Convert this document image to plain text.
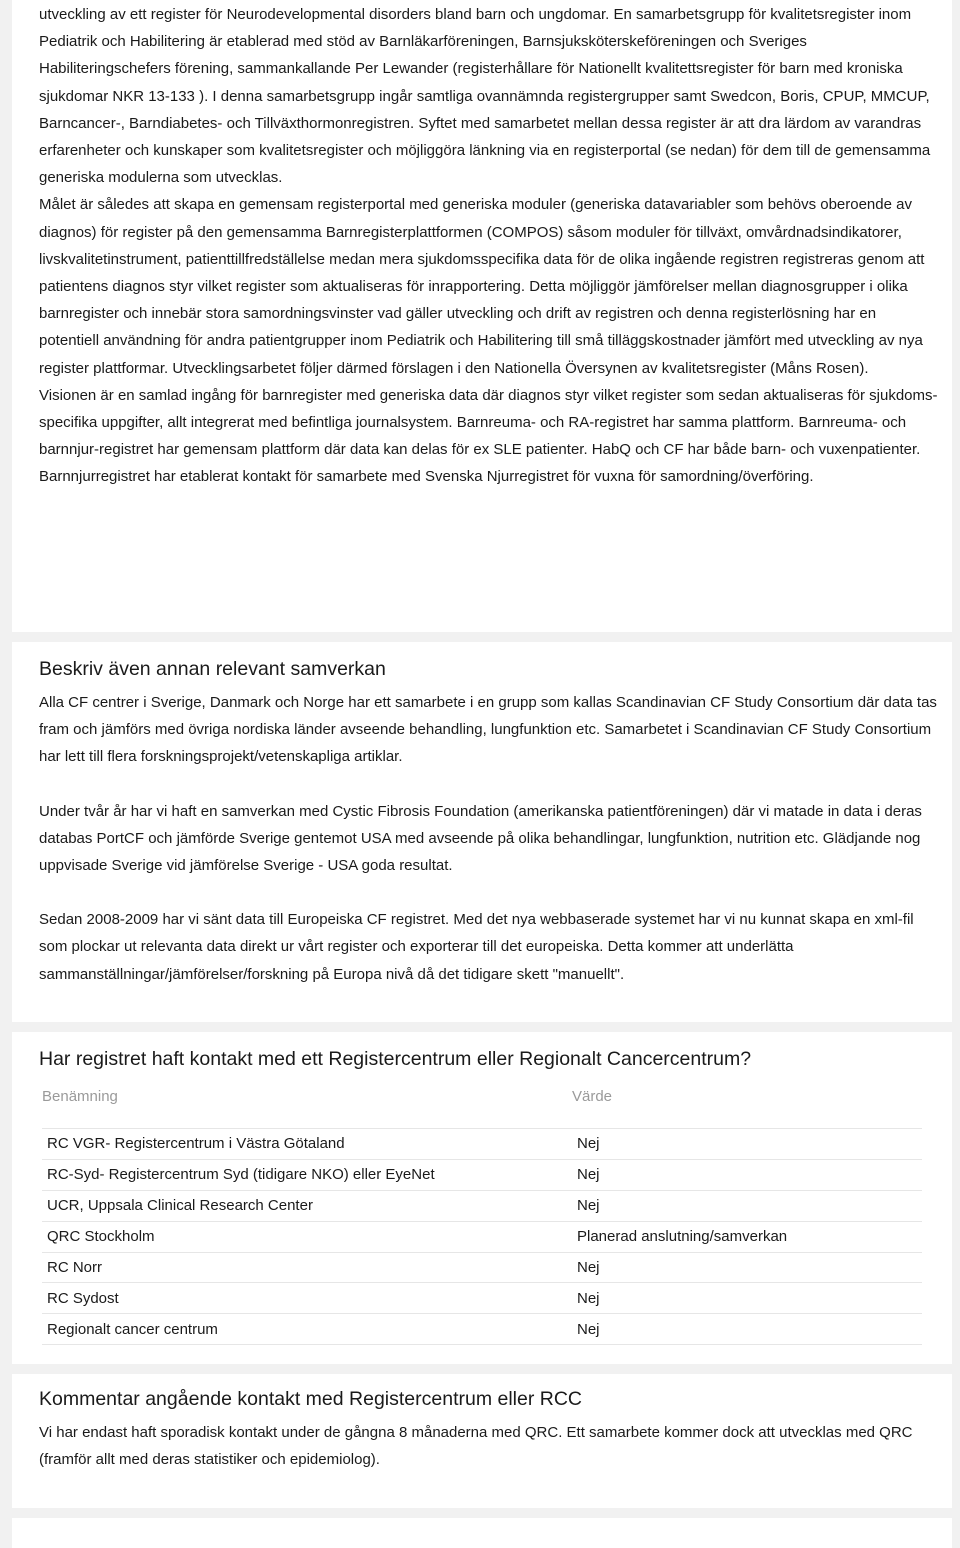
utveckling av ett register för Neurodevelopmental disorders bland barn och ungdomar. En samarbetsgrupp för kvalitetsregister inom Pediatrik och Habilitering är etablerad med stöd av Barnläkarföreningen, Barnsjuksköterskeföreningen och Sveriges Habiliteringschefers förening, sammankallande Per Lewander (registerhållare för Nationellt kvalitettsregister för barn med kroniska sjukdomar NKR 13-133 ). I denna samarbetsgrupp ingår samtliga ovannämnda registergrupper samt Swedcon, Boris, CPUP, MMCUP, Barncancer-, Barndiabetes- och Tillväxthormonregistren. Syftet med samarbetet mellan dessa register är att dra lärdom av varandras erfarenheter och kunskaper som kvalitetsregister och möjliggöra länkning via en registerportal (se nedan) för dem till de gemensamma generiska modulerna som utvecklas.

Målet är således att skapa en gemensam registerportal med generiska moduler (generiska datavariabler som behövs oberoende av diagnos) för register på den gemensamma Barnregisterplattformen (COMPOS) såsom moduler för tillväxt, omvårdnadsindikatorer, livskvalitetinstrument, patienttillfredställelse medan mera sjukdomsspecifika data för de olika ingående registren registreras genom att patientens diagnos styr vilket register som aktualiseras för inrapportering. Detta möjliggör jämförelser mellan diagnosgrupper i olika barnregister och innebär stora samordningsvinster vad gäller utveckling och drift av registren och denna registerlösning har en potentiell användning för andra patientgrupper inom Pediatrik och Habilitering till små tilläggskostnader jämfört med utveckling av nya register plattformar. Utvecklingsarbetet följer därmed förslagen i den Nationella Översynen av kvalitetsregister (Måns Rosen).

Visionen är en samlad ingång för barnregister med generiska data där diagnos styr vilket register som sedan aktualiseras för sjukdoms-specifika uppgifter, allt integrerat med befintliga journalsystem. Barnreuma- och RA-registret har samma plattform. Barnreuma- och barnnjur-registret har gemensam plattform där data kan delas för ex SLE patienter. HabQ och CF har både barn- och vuxenpatienter. Barnnjurregistret har etablerat kontakt för samarbete med Svenska Njurregistret för vuxna för samordning/överföring.

Beskriv även annan relevant samverkan

Alla CF centrer i Sverige, Danmark och Norge har ett samarbete i en grupp som kallas Scandinavian CF Study Consortium där data tas fram och jämförs med övriga nordiska länder avseende behandling, lungfunktion etc. Samarbetet i Scandinavian CF Study Consortium har lett till flera forskningsprojekt/vetenskapliga artiklar.

Under tvår år har vi haft en samverkan med Cystic Fibrosis Foundation (amerikanska patientföreningen) där vi matade in data i deras databas PortCF och jämförde Sverige gentemot USA med avseende på olika behandlingar, lungfunktion, nutrition etc. Glädjande nog uppvisade Sverige vid jämförelse Sverige - USA goda resultat.

Sedan 2008-2009 har vi sänt data till Europeiska CF registret. Med det nya webbaserade systemet har vi nu kunnat skapa en xml-fil som plockar ut relevanta data direkt ur vårt register och exporterar till det europeiska. Detta kommer att underlätta sammanställningar/jämförelser/forskning på Europa nivå då det tidigare skett "manuellt".

Har registret haft kontakt med ett Registercentrum eller Regionalt Cancercentrum?
Benämning	Värde

RC VGR- Registercentrum i Västra Götaland	Nej
RC-Syd- Registercentrum Syd (tidigare NKO) eller EyeNet	Nej
UCR, Uppsala Clinical Research Center	Nej
QRC Stockholm	Planerad anslutning/samverkan
RC Norr	Nej
RC Sydost	Nej
Regionalt cancer centrum	Nej
Kommentar angående kontakt med Registercentrum eller RCC

Vi har endast haft sporadisk kontakt under de gångna 8 månaderna med QRC. Ett samarbete kommer dock att utvecklas med QRC (framför allt med deras statistiker och epidemiolog).
